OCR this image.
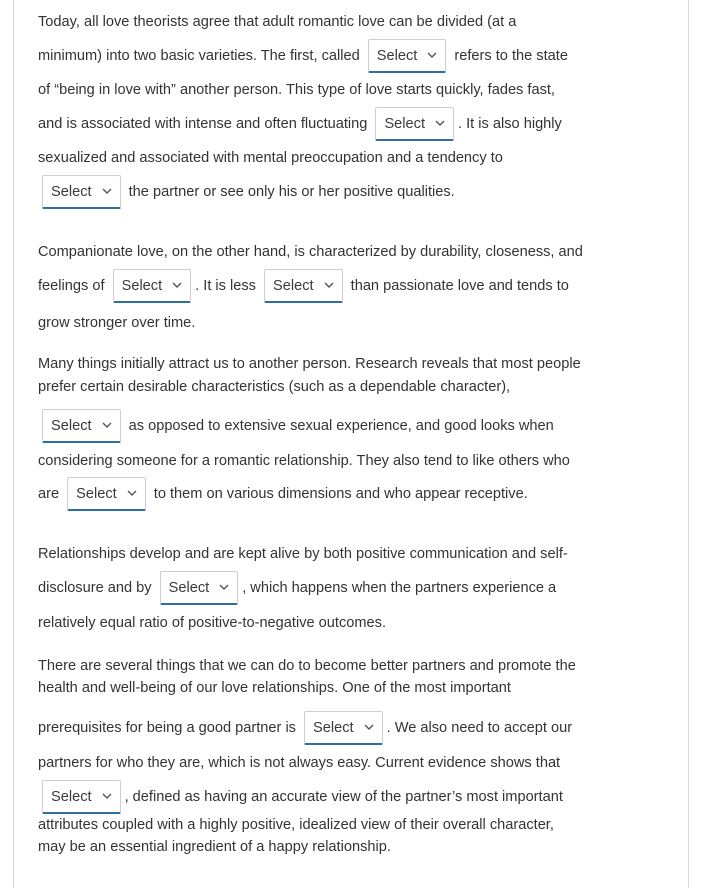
Today, all love theorists agree that adult romantic love can be divided (at a
minimum) into two basic varieties. The first, called Select
refers to the state
of “being in love with” another person. This type of love starts quickly, fades fast,
and is associated with intense and often fluctuating Select . It is also highly
sexualized and associated with mental preoccupation and a tendency to
Select
the partner or see only his or her positive qualities.
Companionate love, on the other hand, is characterized by durability, closeness, and
feelings of Select . It is less Select
than passionate love and tends to
grow stronger over time.
Many things initially attract us to another person. Research reveals that most people
prefer certain desirable characteristics (such as a dependable character),
Select
as opposed to extensive sexual experience, and good looks when
considering someone for a romantic relationship. They also tend to like others who
are Select
to them on various dimensions and who appear receptive.
Relationships develop and are kept alive by both positive communication and self-
disclosure and by Select , which happens when the partners experience a
relatively equal ratio of positive-to-negative outcomes.
There are several things that we can do to become better partners and promote the
health and well-being of our love relationships. One of the most important
prerequisites for being a good partner is Select . We also need to accept our
partners for who they are, which is not always easy. Current evidence shows that
Select , defined as having an accurate view of the partner’s most important
attributes coupled with a highly positive, idealized view of their overall character,
may be an essential ingredient of a happy relationship.
